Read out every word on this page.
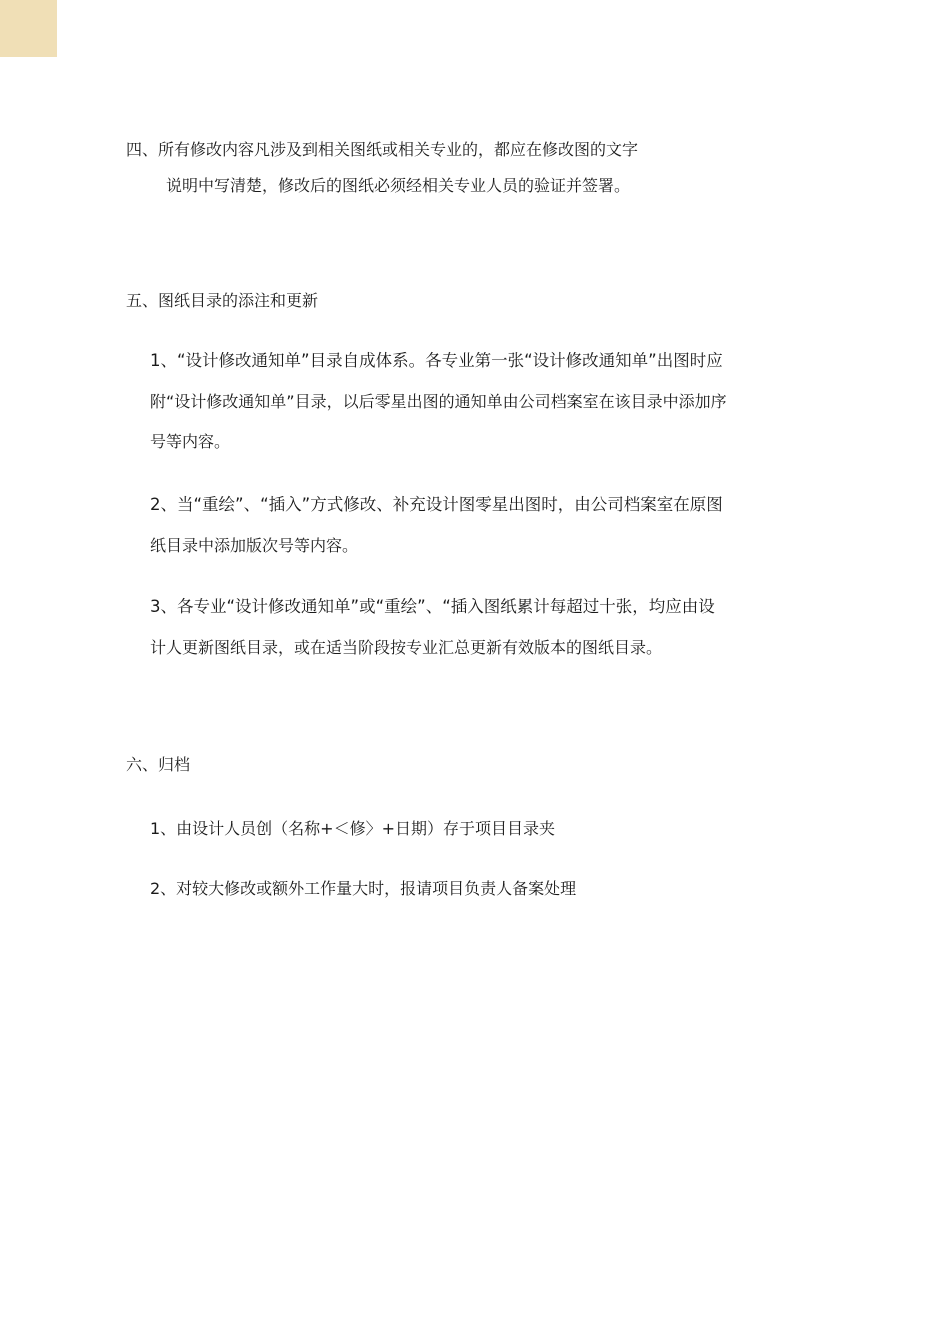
四、所有修改内容凡涉及到相关图纸或相关专业的，都应在修改图的文字
说明中写清楚，修改后的图纸必须经相关专业人员的验证并签署。
五、图纸目录的添注和更新
1、“设计修改通知单”目录自成体系。各专业第一张“设计修改通知单”出图时应
附“设计修改通知单”目录，以后零星出图的通知单由公司档案室在该目录中添加序
号等内容。
2、当“重绘”、“插入”方式修改、补充设计图零星出图时，由公司档案室在原图
纸目录中添加版次号等内容。
3、各专业“设计修改通知单”或“重绘”、“插入图纸累计每超过十张，均应由设
计人更新图纸目录，或在适当阶段按专业汇总更新有效版本的图纸目录。
六、归档
1、由设计人员创（名称+＜修〉+日期）存于项目目录夹
2、对较大修改或额外工作量大时，报请项目负责人备案处理
